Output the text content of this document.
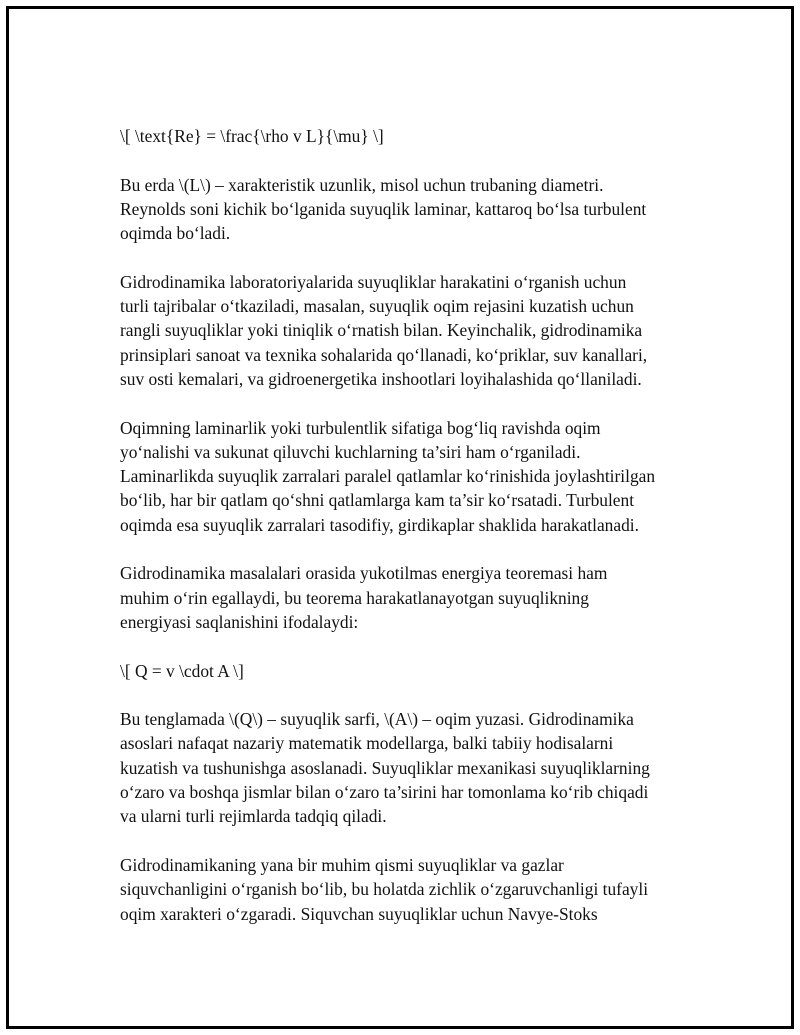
\[ \text{Re} = \frac{\rho v L}{\mu} \]

Bu erda \(L\) – xarakteristik uzunlik, misol uchun trubaning diametri.
Reynolds soni kichik bo‘lganida suyuqlik laminar, kattaroq bo‘lsa turbulent
oqimda bo‘ladi.

Gidrodinamika laboratoriyalarida suyuqliklar harakatini o‘rganish uchun
turli tajribalar o‘tkaziladi, masalan, suyuqlik oqim rejasini kuzatish uchun
rangli suyuqliklar yoki tiniqlik o‘rnatish bilan. Keyinchalik, gidrodinamika
prinsiplari sanoat va texnika sohalarida qo‘llanadi, ko‘priklar, suv kanallari,
suv osti kemalari, va gidroenergetika inshootlari loyihalashida qo‘llaniladi.

Oqimning laminarlik yoki turbulentlik sifatiga bog‘liq ravishda oqim
yo‘nalishi va sukunat qiluvchi kuchlarning ta’siri ham o‘rganiladi.
Laminarlikda suyuqlik zarralari paralel qatlamlar ko‘rinishida joylashtirilgan
bo‘lib, har bir qatlam qo‘shni qatlamlarga kam ta’sir ko‘rsatadi. Turbulent
oqimda esa suyuqlik zarralari tasodifiy, girdikaplar shaklida harakatlanadi.

Gidrodinamika masalalari orasida yukotilmas energiya teoremasi ham
muhim o‘rin egallaydi, bu teorema harakatlanayotgan suyuqlikning
energiyasi saqlanishini ifodalaydi:

\[ Q = v \cdot A \]

Bu tenglamada \(Q\) – suyuqlik sarfi, \(A\) – oqim yuzasi. Gidrodinamika
asoslari nafaqat nazariy matematik modellarga, balki tabiiy hodisalarni
kuzatish va tushunishga asoslanadi. Suyuqliklar mexanikasi suyuqliklarning
o‘zaro va boshqa jismlar bilan o‘zaro ta’sirini har tomonlama ko‘rib chiqadi
va ularni turli rejimlarda tadqiq qiladi.

Gidrodinamikaning yana bir muhim qismi suyuqliklar va gazlar
siquvchanligini o‘rganish bo‘lib, bu holatda zichlik o‘zgaruvchanligi tufayli
oqim xarakteri o‘zgaradi. Siquvchan suyuqliklar uchun Navye-Stoks
